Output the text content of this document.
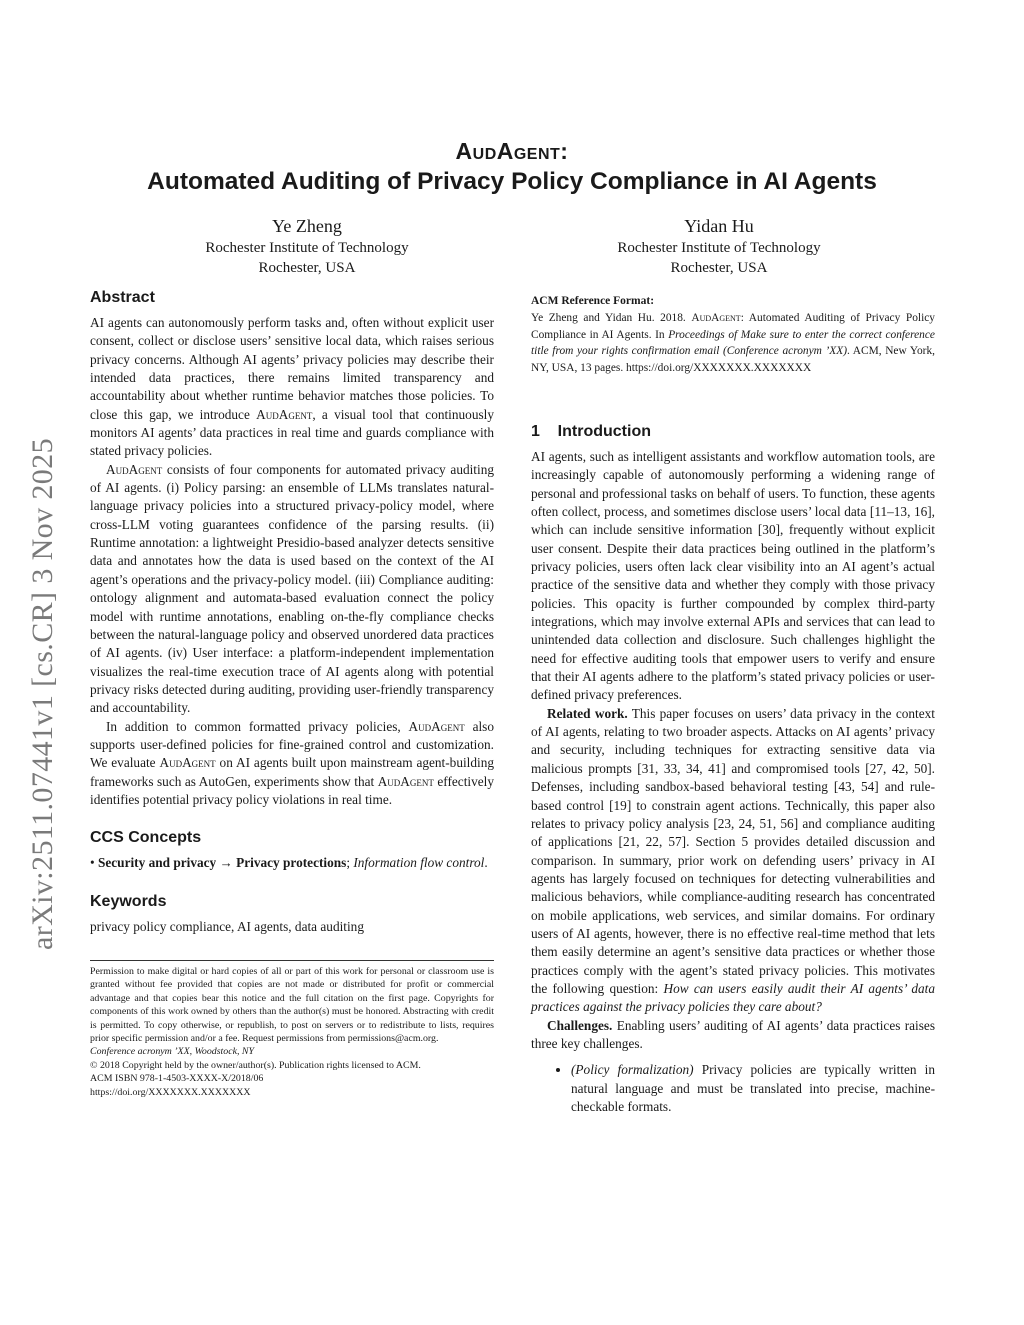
arXiv:2511.07441v1 [cs.CR] 3 Nov 2025
AudAgent:
Automated Auditing of Privacy Policy Compliance in AI Agents
Ye Zheng
Rochester Institute of Technology
Rochester, USA
Yidan Hu
Rochester Institute of Technology
Rochester, USA
Abstract

AI agents can autonomously perform tasks and, often without explicit user consent, collect or disclose users’ sensitive local data, which raises serious privacy concerns. Although AI agents’ privacy policies may describe their intended data practices, there remains limited transparency and accountability about whether runtime behavior matches those policies. To close this gap, we introduce AudAgent, a visual tool that continuously monitors AI agents’ data practices in real time and guards compliance with stated privacy policies.

AudAgent consists of four components for automated privacy auditing of AI agents. (i) Policy parsing: an ensemble of LLMs translates natural-language privacy policies into a structured privacy-policy model, where cross-LLM voting guarantees confidence of the parsing results. (ii) Runtime annotation: a lightweight Presidio-based analyzer detects sensitive data and annotates how the data is used based on the context of the AI agent’s operations and the privacy-policy model. (iii) Compliance auditing: ontology alignment and automata-based evaluation connect the policy model with runtime annotations, enabling on-the-fly compliance checks between the natural-language policy and observed unordered data practices of AI agents. (iv) User interface: a platform-independent implementation visualizes the real-time execution trace of AI agents along with potential privacy risks detected during auditing, providing user-friendly transparency and accountability.

In addition to common formatted privacy policies, AudAgent also supports user-defined policies for fine-grained control and customization. We evaluate AudAgent on AI agents built upon mainstream agent-building frameworks such as AutoGen, experiments show that AudAgent effectively identifies potential privacy policy violations in real time.

CCS Concepts

• Security and privacy → Privacy protections; Information flow control.

Keywords

privacy policy compliance, AI agents, data auditing

Permission to make digital or hard copies of all or part of this work for personal or classroom use is granted without fee provided that copies are not made or distributed for profit or commercial advantage and that copies bear this notice and the full citation on the first page. Copyrights for components of this work owned by others than the author(s) must be honored. Abstracting with credit is permitted. To copy otherwise, or republish, to post on servers or to redistribute to lists, requires prior specific permission and/or a fee. Request permissions from permissions@acm.org.
Conference acronym ’XX, Woodstock, NY
© 2018 Copyright held by the owner/author(s). Publication rights licensed to ACM.
ACM ISBN 978-1-4503-XXXX-X/2018/06
https://doi.org/XXXXXXX.XXXXXXX
ACM Reference Format:

Ye Zheng and Yidan Hu. 2018. AudAgent: Automated Auditing of Privacy Policy Compliance in AI Agents. In Proceedings of Make sure to enter the correct conference title from your rights confirmation email (Conference acronym ’XX). ACM, New York, NY, USA, 13 pages. https://doi.org/XXXXXXX.XXXXXXX

1    Introduction

AI agents, such as intelligent assistants and workflow automation tools, are increasingly capable of autonomously performing a widening range of personal and professional tasks on behalf of users. To function, these agents often collect, process, and sometimes disclose users’ local data [11–13, 16], which can include sensitive information [30], frequently without explicit user consent. Despite their data practices being outlined in the platform’s privacy policies, users often lack clear visibility into an AI agent’s actual practice of the sensitive data and whether they comply with those privacy policies. This opacity is further compounded by complex third-party integrations, which may involve external APIs and services that can lead to unintended data collection and disclosure. Such challenges highlight the need for effective auditing tools that empower users to verify and ensure that their AI agents adhere to the platform’s stated privacy policies or user-defined privacy preferences.

Related work. This paper focuses on users’ data privacy in the context of AI agents, relating to two broader aspects. Attacks on AI agents’ privacy and security, including techniques for extracting sensitive data via malicious prompts [31, 33, 34, 41] and compromised tools [27, 42, 50]. Defenses, including sandbox-based behavioral testing [43, 54] and rule-based control [19] to constrain agent actions. Technically, this paper also relates to privacy policy analysis [23, 24, 51, 56] and compliance auditing of applications [21, 22, 57]. Section 5 provides detailed discussion and comparison. In summary, prior work on defending users’ privacy in AI agents has largely focused on techniques for detecting vulnerabilities and malicious behaviors, while compliance-auditing research has concentrated on mobile applications, web services, and similar domains. For ordinary users of AI agents, however, there is no effective real-time method that lets them easily determine an agent’s sensitive data practices or whether those practices comply with the agent’s stated privacy policies. This motivates the following question: How can users easily audit their AI agents’ data practices against the privacy policies they care about?

Challenges. Enabling users’ auditing of AI agents’ data practices raises three key challenges.

• (Policy formalization) Privacy policies are typically written in natural language and must be translated into precise, machine-checkable formats.
